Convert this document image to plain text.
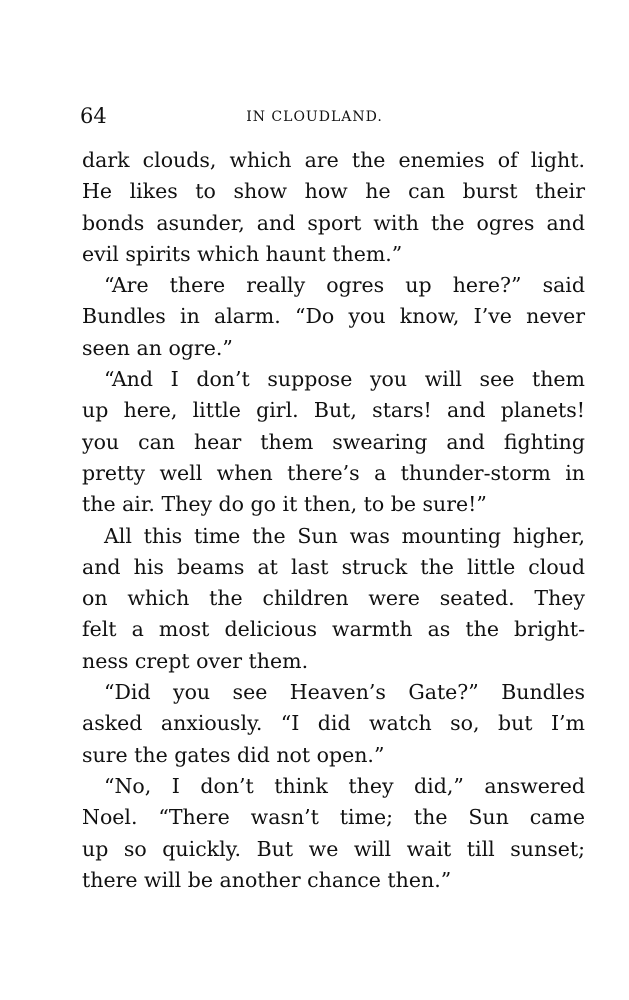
64	IN CLOUDLAND.
dark clouds, which are the enemies of light.
He likes to show how he can burst their
bonds asunder, and sport with the ogres and
evil spirits which haunt them.”
“Are there really ogres up here?” said
Bundles in alarm. “Do you know, I’ve never
seen an ogre.”
“And I don’t suppose you will see them
up here, little girl. But, stars! and planets!
you can hear them swearing and fighting
pretty well when there’s a thunder-storm in
the air. They do go it then, to be sure!”
All this time the Sun was mounting higher,
and his beams at last struck the little cloud
on which the children were seated. They
felt a most delicious warmth as the bright-
ness crept over them.
“Did you see Heaven’s Gate?” Bundles
asked anxiously. “I did watch so, but I’m
sure the gates did not open.”
“No, I don’t think they did,” answered
Noel. “There wasn’t time; the Sun came
up so quickly. But we will wait till sunset;
there will be another chance then.”
